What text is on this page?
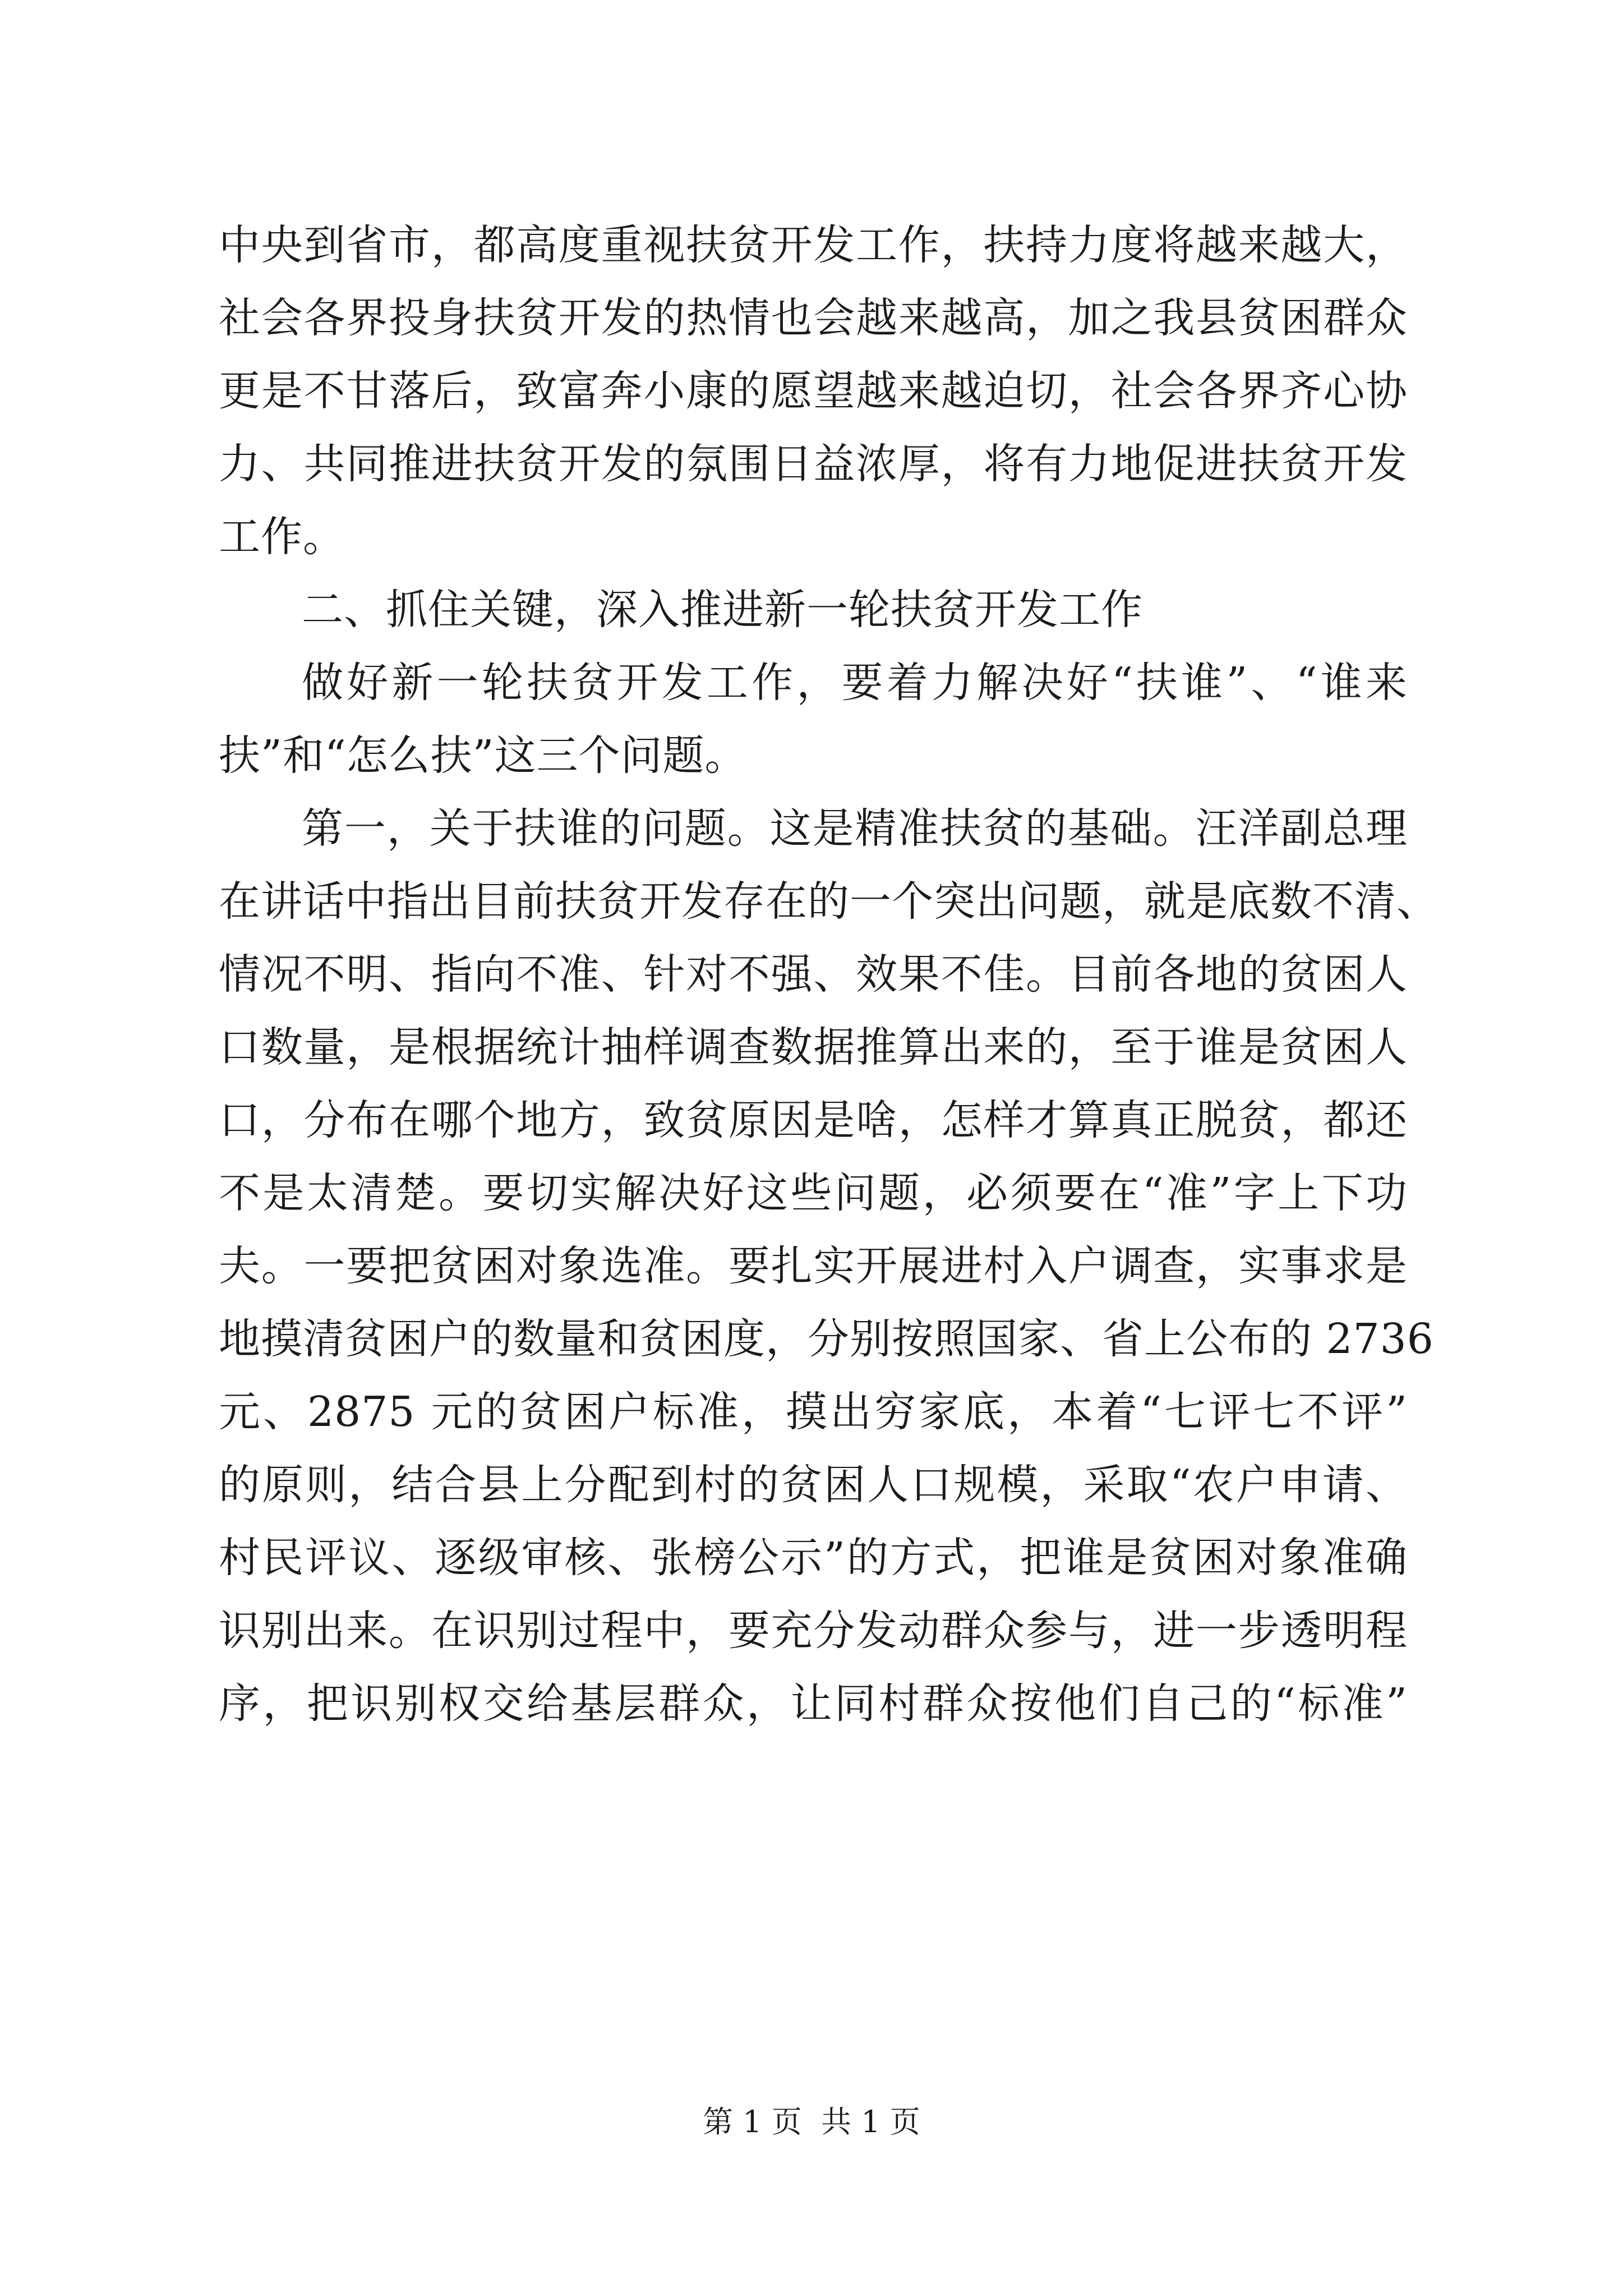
中央到省市，都高度重视扶贫开发工作，扶持力度将越来越大，
社会各界投身扶贫开发的热情也会越来越高，加之我县贫困群众
更是不甘落后，致富奔小康的愿望越来越迫切，社会各界齐心协
力、共同推进扶贫开发的氛围日益浓厚，将有力地促进扶贫开发
工作。
二、抓住关键，深入推进新一轮扶贫开发工作
做好新一轮扶贫开发工作，要着力解决好“扶谁”、“谁来
扶”和“怎么扶”这三个问题。
第一，关于扶谁的问题。这是精准扶贫的基础。汪洋副总理
在讲话中指出目前扶贫开发存在的一个突出问题，就是底数不清、
情况不明、指向不准、针对不强、效果不佳。目前各地的贫困人
口数量，是根据统计抽样调查数据推算出来的，至于谁是贫困人
口，分布在哪个地方，致贫原因是啥，怎样才算真正脱贫，都还
不是太清楚。要切实解决好这些问题，必须要在“准”字上下功
夫。一要把贫困对象选准。要扎实开展进村入户调查，实事求是
地摸清贫困户的数量和贫困度，分别按照国家、省上公布的 2736
元、2875 元的贫困户标准，摸出穷家底，本着“七评七不评”
的原则，结合县上分配到村的贫困人口规模，采取“农户申请、
村民评议、逐级审核、张榜公示”的方式，把谁是贫困对象准确
识别出来。在识别过程中，要充分发动群众参与，进一步透明程
序，把识别权交给基层群众，让同村群众按他们自己的“标准”
第 1 页  共 1 页
